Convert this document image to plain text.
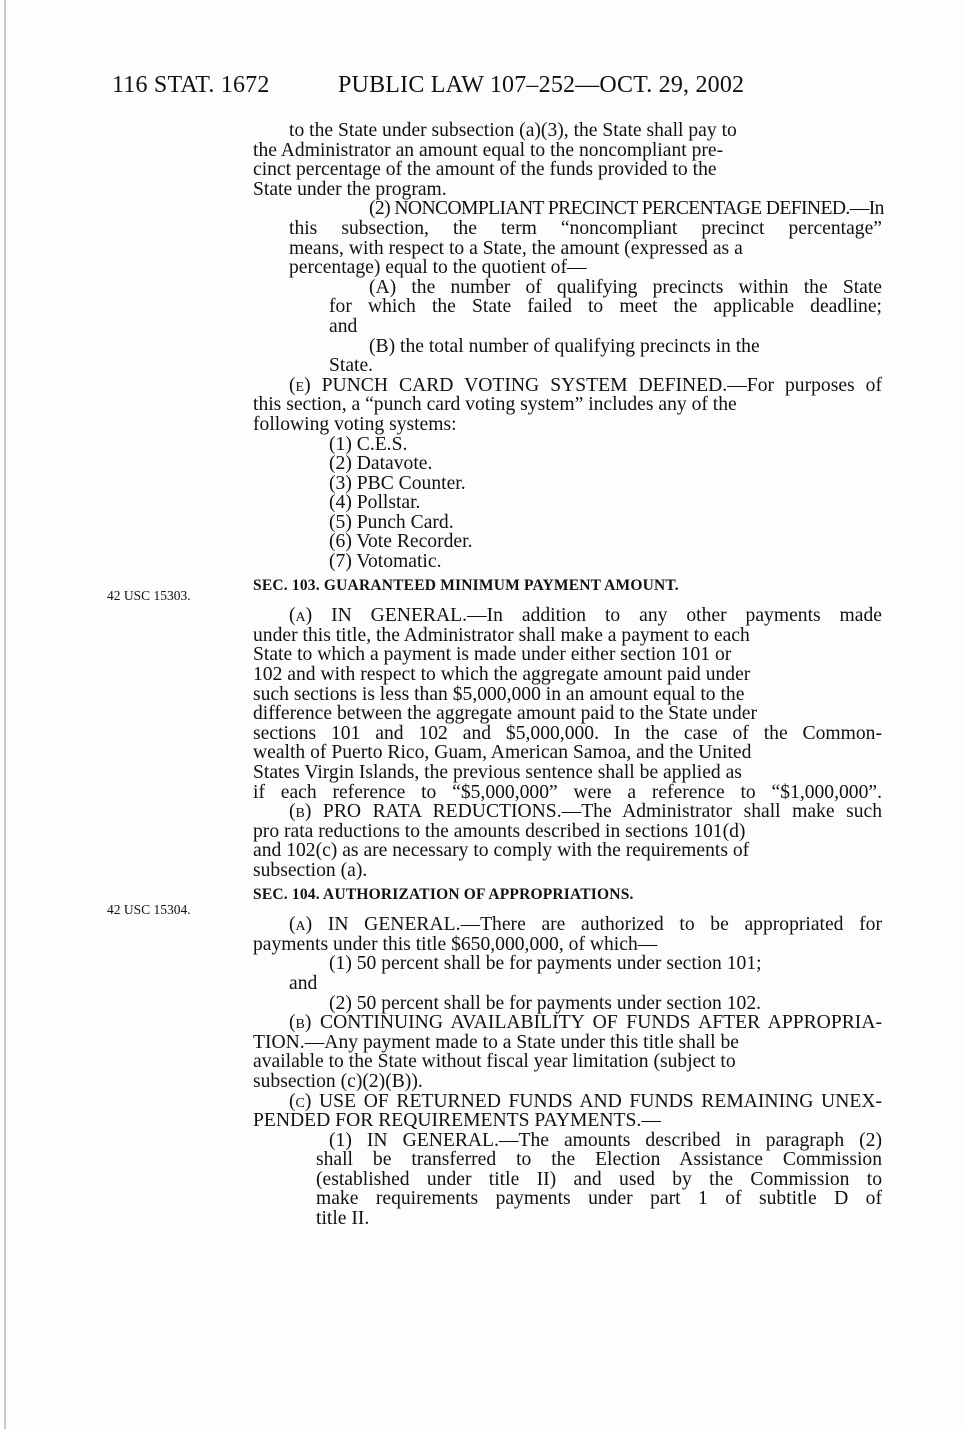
116 STAT. 1672	PUBLIC LAW 107–252—OCT. 29, 2002
42 USC 15303.
42 USC 15304.
to the State under subsection (a)(3), the State shall pay to
the Administrator an amount equal to the noncompliant pre-
cinct percentage of the amount of the funds provided to the
State under the program.
(2) NONCOMPLIANT PRECINCT PERCENTAGE DEFINED.—In
this subsection, the term “noncompliant precinct percentage”
means, with respect to a State, the amount (expressed as a
percentage) equal to the quotient of—
(A) the number of qualifying precincts within the State
for which the State failed to meet the applicable deadline;
and
(B) the total number of qualifying precincts in the
State.
(e) PUNCH CARD VOTING SYSTEM DEFINED.—For purposes of
this section, a “punch card voting system” includes any of the
following voting systems:
(1) C.E.S.
(2) Datavote.
(3) PBC Counter.
(4) Pollstar.
(5) Punch Card.
(6) Vote Recorder.
(7) Votomatic.
SEC. 103. GUARANTEED MINIMUM PAYMENT AMOUNT.
(a) IN GENERAL.—In addition to any other payments made
under this title, the Administrator shall make a payment to each
State to which a payment is made under either section 101 or
102 and with respect to which the aggregate amount paid under
such sections is less than $5,000,000 in an amount equal to the
difference between the aggregate amount paid to the State under
sections 101 and 102 and $5,000,000. In the case of the Common-
wealth of Puerto Rico, Guam, American Samoa, and the United
States Virgin Islands, the previous sentence shall be applied as
if each reference to “$5,000,000” were a reference to “$1,000,000”.
(b) PRO RATA REDUCTIONS.—The Administrator shall make such
pro rata reductions to the amounts described in sections 101(d)
and 102(c) as are necessary to comply with the requirements of
subsection (a).
SEC. 104. AUTHORIZATION OF APPROPRIATIONS.
(a) IN GENERAL.—There are authorized to be appropriated for
payments under this title $650,000,000, of which—
(1) 50 percent shall be for payments under section 101;
and
(2) 50 percent shall be for payments under section 102.
(b) CONTINUING AVAILABILITY OF FUNDS AFTER APPROPRIA-
TION.—Any payment made to a State under this title shall be
available to the State without fiscal year limitation (subject to
subsection (c)(2)(B)).
(c) USE OF RETURNED FUNDS AND FUNDS REMAINING UNEX-
PENDED FOR REQUIREMENTS PAYMENTS.—
(1) IN GENERAL.—The amounts described in paragraph (2)
shall be transferred to the Election Assistance Commission
(established under title II) and used by the Commission to
make requirements payments under part 1 of subtitle D of
title II.
